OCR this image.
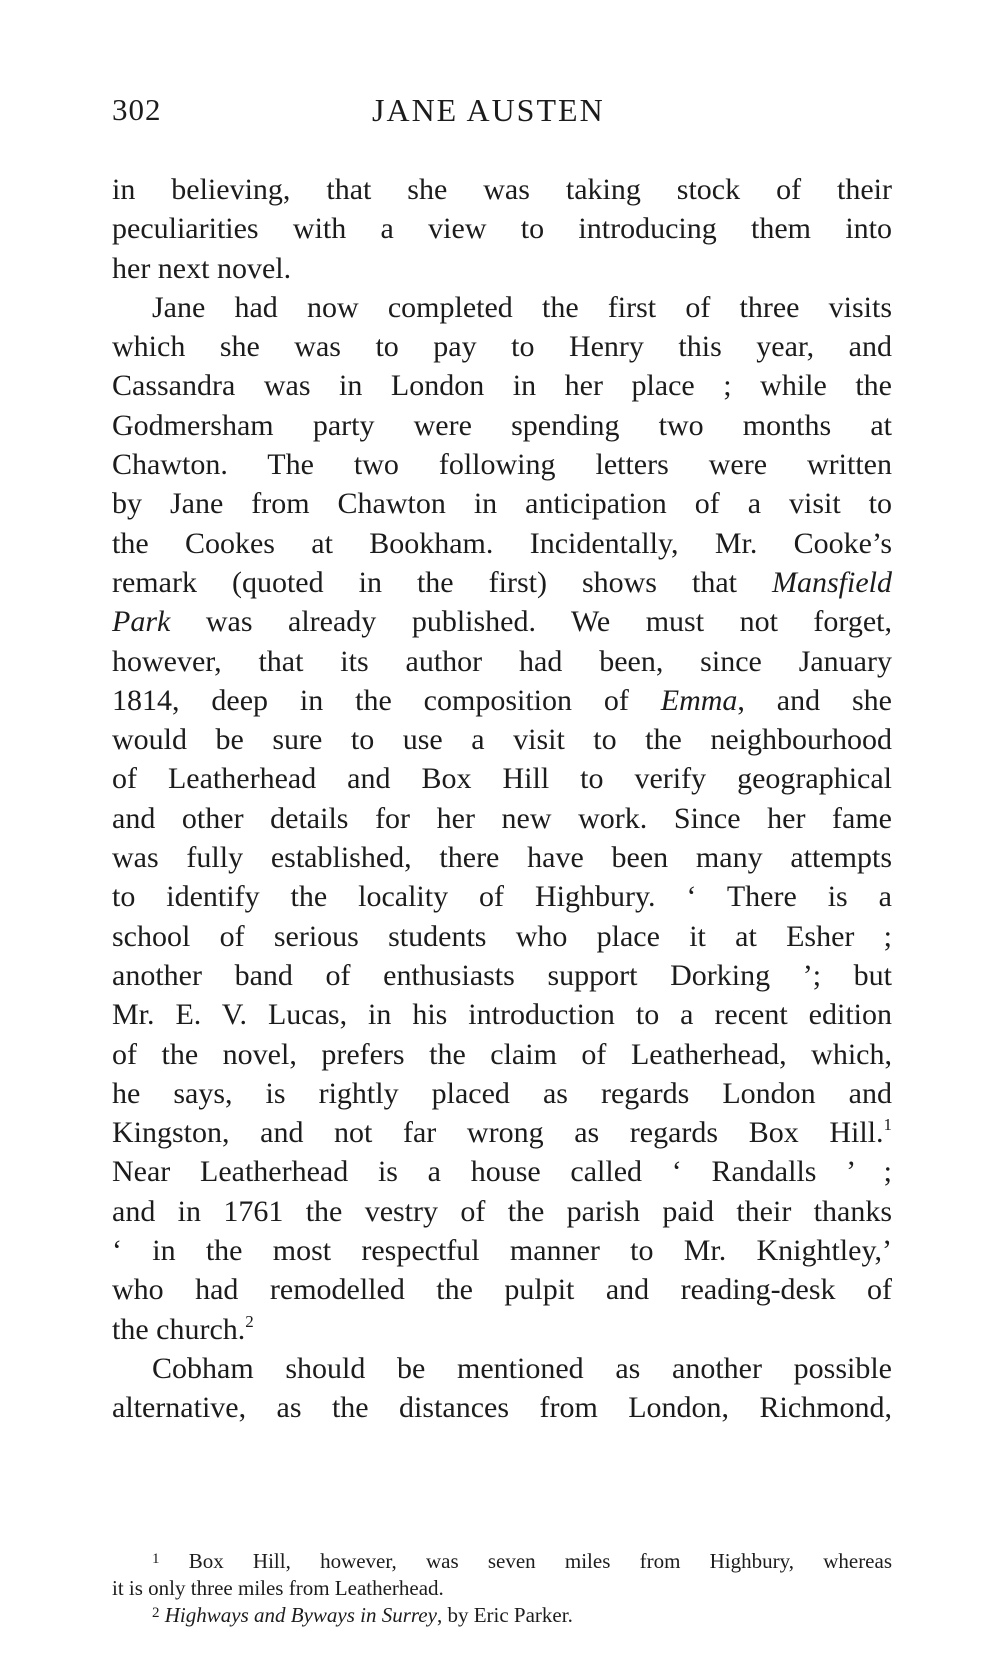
302	JANE AUSTEN
in believing, that she was taking stock of their
peculiarities with a view to introducing them into
her next novel.
Jane had now completed the first of three visits
which she was to pay to Henry this year, and
Cassandra was in London in her place ; while the
Godmersham party were spending two months at
Chawton. The two following letters were written
by Jane from Chawton in anticipation of a visit to
the Cookes at Bookham. Incidentally, Mr. Cooke’s
remark (quoted in the first) shows that Mansfield
Park was already published. We must not forget,
however, that its author had been, since January
1814, deep in the composition of Emma, and she
would be sure to use a visit to the neighbourhood
of Leatherhead and Box Hill to verify geographical
and other details for her new work. Since her fame
was fully established, there have been many attempts
to identify the locality of Highbury. ‘ There is a
school of serious students who place it at Esher ;
another band of enthusiasts support Dorking ’; but
Mr. E. V. Lucas, in his introduction to a recent edition
of the novel, prefers the claim of Leatherhead, which,
he says, is rightly placed as regards London and
Kingston, and not far wrong as regards Box Hill.$^1$
Near Leatherhead is a house called ‘ Randalls ’ ;
and in 1761 the vestry of the parish paid their thanks
‘ in the most respectful manner to Mr. Knightley,’
who had remodelled the pulpit and reading-desk of
the church.$^2$
Cobham should be mentioned as another possible
alternative, as the distances from London, Richmond,
$^1$ Box Hill, however, was seven miles from Highbury, whereas
it is only three miles from Leatherhead.
$^2$ Highways and Byways in Surrey, by Eric Parker.
